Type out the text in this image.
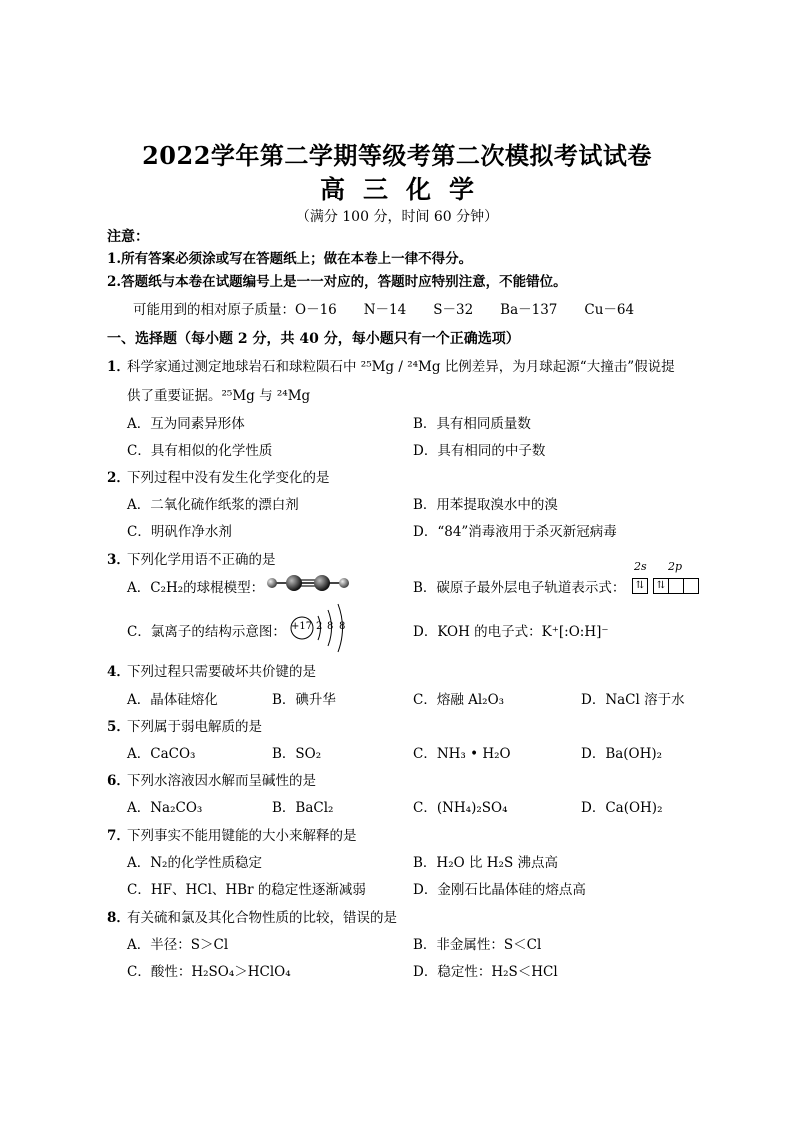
2022学年第二学期等级考第二次模拟考试试卷
高三化学
（满分 100 分，时间 60 分钟）
注意：
1.所有答案必须涂或写在答题纸上；做在本卷上一律不得分。
2.答题纸与本卷在试题编号上是一一对应的，答题时应特别注意，不能错位。
可能用到的相对原子质量：O－16　　N－14　　S－32　　Ba－137　　Cu－64
一、选择题（每小题 2 分，共 40 分，每小题只有一个正确选项）
1．
科学家通过测定地球岩石和球粒陨石中 ²⁵Mg / ²⁴Mg 比例差异，为月球起源“大撞击”假说提
供了重要证据。²⁵Mg 与 ²⁴Mg
A．互为同素异形体	B．具有相同质量数
C．具有相似的化学性质	D．具有相同的中子数
2．
下列过程中没有发生化学变化的是
A．二氧化硫作纸浆的漂白剂	B．用苯提取溴水中的溴
C．明矾作净水剂	D．“84”消毒液用于杀灭新冠病毒
3．
下列化学用语不正确的是
A．C₂H₂的球棍模型：	B．碳原子最外层电子轨道表示式：
2s 2p
⇅ ⇅
C．氯离子的结构示意图： +17 2 8 8	D．KOH 的电子式：K⁺[:O:H]⁻
4．
下列过程只需要破坏共价键的是
A．晶体硅熔化	B．碘升华	C．熔融 Al₂O₃	D．NaCl 溶于水
5．
下列属于弱电解质的是
A．CaCO₃	B．SO₂	C．NH₃ • H₂O	D．Ba(OH)₂
6．
下列水溶液因水解而呈碱性的是
A．Na₂CO₃	B．BaCl₂	C．(NH₄)₂SO₄	D．Ca(OH)₂
7．
下列事实不能用键能的大小来解释的是
A．N₂的化学性质稳定	B．H₂O 比 H₂S 沸点高
C．HF、HCl、HBr 的稳定性逐渐减弱	D．金刚石比晶体硅的熔点高
8．
有关硫和氯及其化合物性质的比较，错误的是
A．半径：S＞Cl	B．非金属性：S＜Cl
C．酸性：H₂SO₄＞HClO₄	D．稳定性：H₂S＜HCl
